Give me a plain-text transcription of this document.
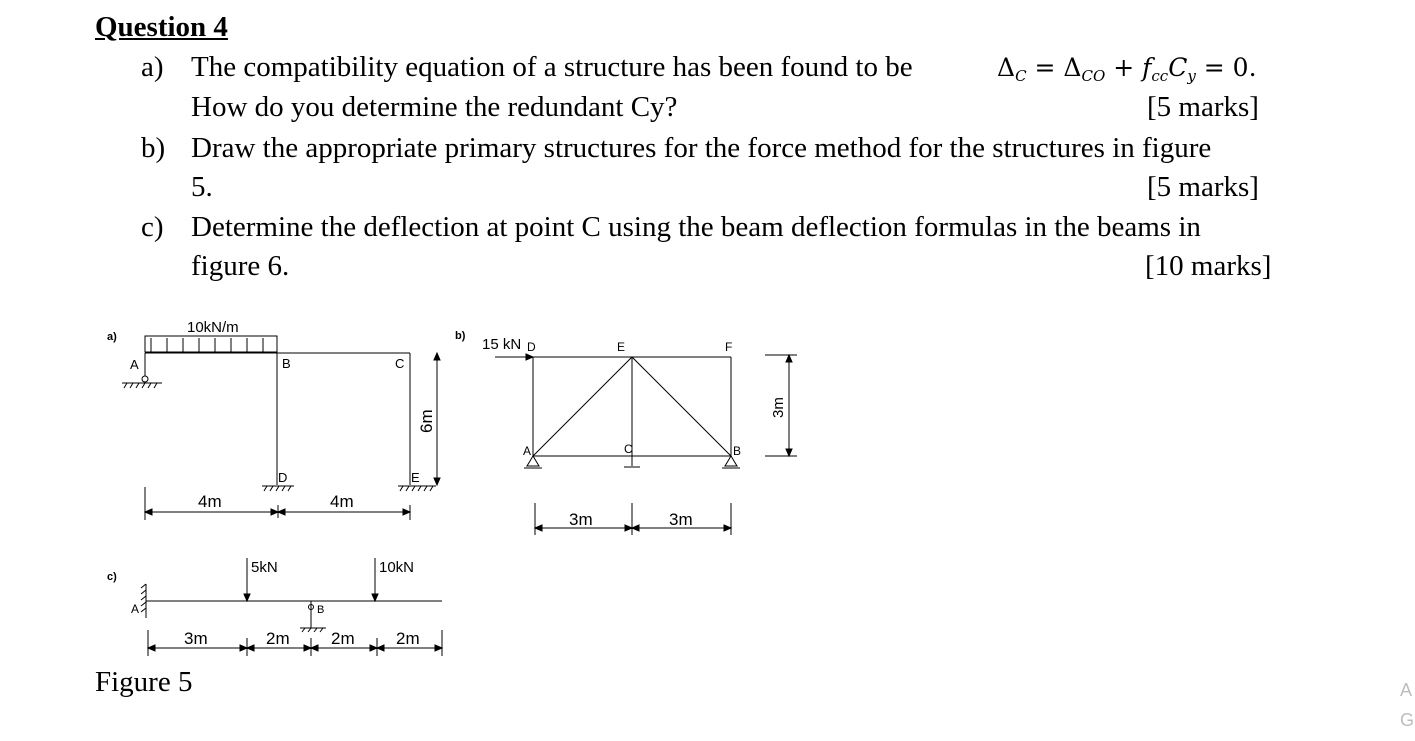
Question 4
a) The compatibility equation of a structure has been found to be	$\Delta_C = \Delta_{CO} + f_{cc}C_y = 0$.
How do you determine the redundant Cy?	[5 marks]
b) Draw the appropriate primary structures for the force method for the structures in figure
5.	[5 marks]
c) Determine the deflection at point C using the beam deflection formulas in the beams in
figure 6.	[10 marks]
Figure 5	A
G
a)
10kN/m
A	B	C
D	E
4m	4m
6m
b) 15 kN D	E	F
A	C	B
3m	3m
3m
c)
5kN	10kN
A	B
3m	2m 2m 2m
